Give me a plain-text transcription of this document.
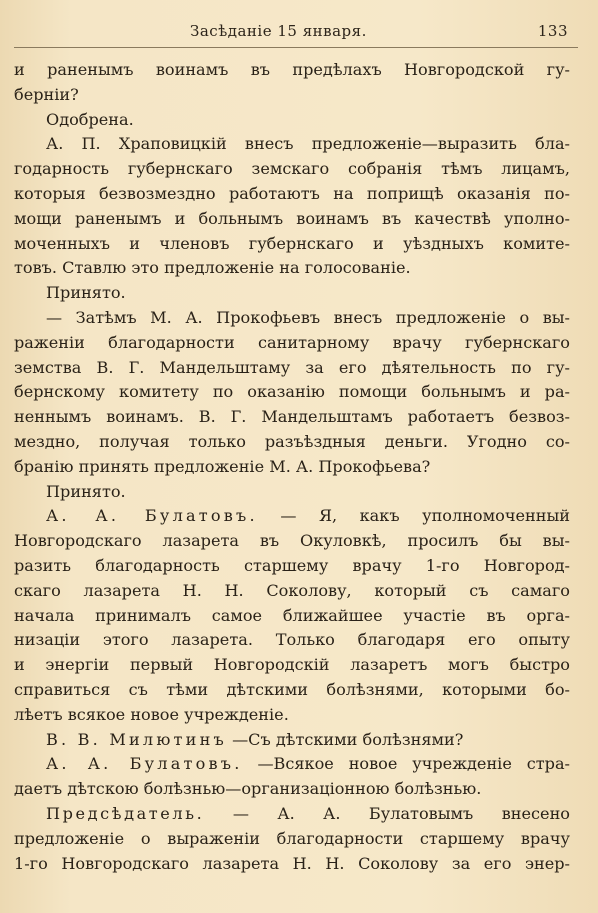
Засѣданіе 15 января.	133
и раненымъ воинамъ въ предѣлахъ Новгородской гу-
берніи?
Одобрена.
А. П. Храповицкій внесъ предложеніе—выразить бла-
годарность губернскаго земскаго собранія тѣмъ лицамъ,
которыя безвозмездно работаютъ на поприщѣ оказанія по-
мощи раненымъ и больнымъ воинамъ въ качествѣ уполно-
моченныхъ и членовъ губернскаго и уѣздныхъ комите-
товъ. Ставлю это предложеніе на голосованіе.
Принято.
— Затѣмъ М. А. Прокофьевъ внесъ предложеніе о вы-
раженіи благодарности санитарному врачу губернскаго
земства В. Г. Мандельштаму за его дѣятельность по гу-
бернскому комитету по оказанію помощи больнымъ и ра-
неннымъ воинамъ. В. Г. Мандельштамъ работаетъ безвоз-
мездно, получая только разъѣздныя деньги. Угодно со-
бранію принять предложеніе М. А. Прокофьева?
Принято.
А. А. Булатовъ. — Я, какъ уполномоченный
Новгородскаго лазарета въ Окуловкѣ, просилъ бы вы-
разить благодарность старшему врачу 1-го Новгород-
скаго лазарета Н. Н. Соколову, который съ самаго
начала принималъ самое ближайшее участіе въ орга-
низаціи этого лазарета. Только благодаря его опыту
и энергіи первый Новгородскій лазаретъ могъ быстро
справиться съ тѣми дѣтскими болѣзнями, которыми бо-
лѣетъ всякое новое учрежденіе.
В. В. Милютинъ —Съ дѣтскими болѣзнями?
А. А. Булатовъ. —Всякое новое учрежденіе стра-
даетъ дѣтскою болѣзнью—организаціонною болѣзнью.
Предсѣдатель. — А. А. Булатовымъ внесено
предложеніе о выраженіи благодарности старшему врачу
1-го Новгородскаго лазарета Н. Н. Соколову за его энер-
